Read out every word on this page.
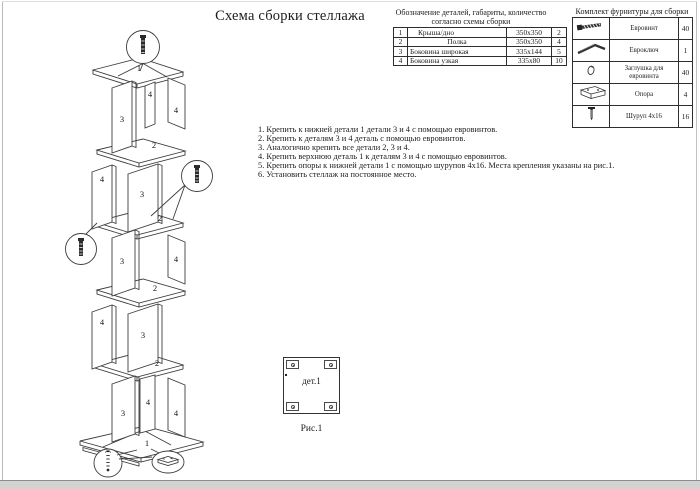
Схема сборки стеллажа	Обозначение деталей, габариты, количество
согласно схемы сборки
1	Крыша/дно	350x350	2
2	Полка	350x350	4
3	Боковина широкая	335x144	5
4	Боковина узкая	335x80	10
Комплект фурнитуры для сборки
	Евровинт	40
	Евроключ	1
	Заглушка для евровинта	40
	Опора	4
	Шуруп 4x16	16
1. Крепить к нижней детали 1 детали 3 и 4 с помощью евровинтов.
2. Крепить к деталям 3 и 4 деталь с помощью евровинтов.
3. Аналогично крепить все детали 2, 3 и 4.
4. Крепить верхнюю деталь 1 к деталям 3 и 4 с помощью евровинтов.
5. Крепить опоры к нижней детали 1 с помощью шурупов 4x16. Места крепления указаны на рис.1.
6. Установить стеллаж на постоянное место.
1
4
3
4
2
4
3
2
3	4
2
4
3
2
3
4
4
1
дет.1
Рис.1
